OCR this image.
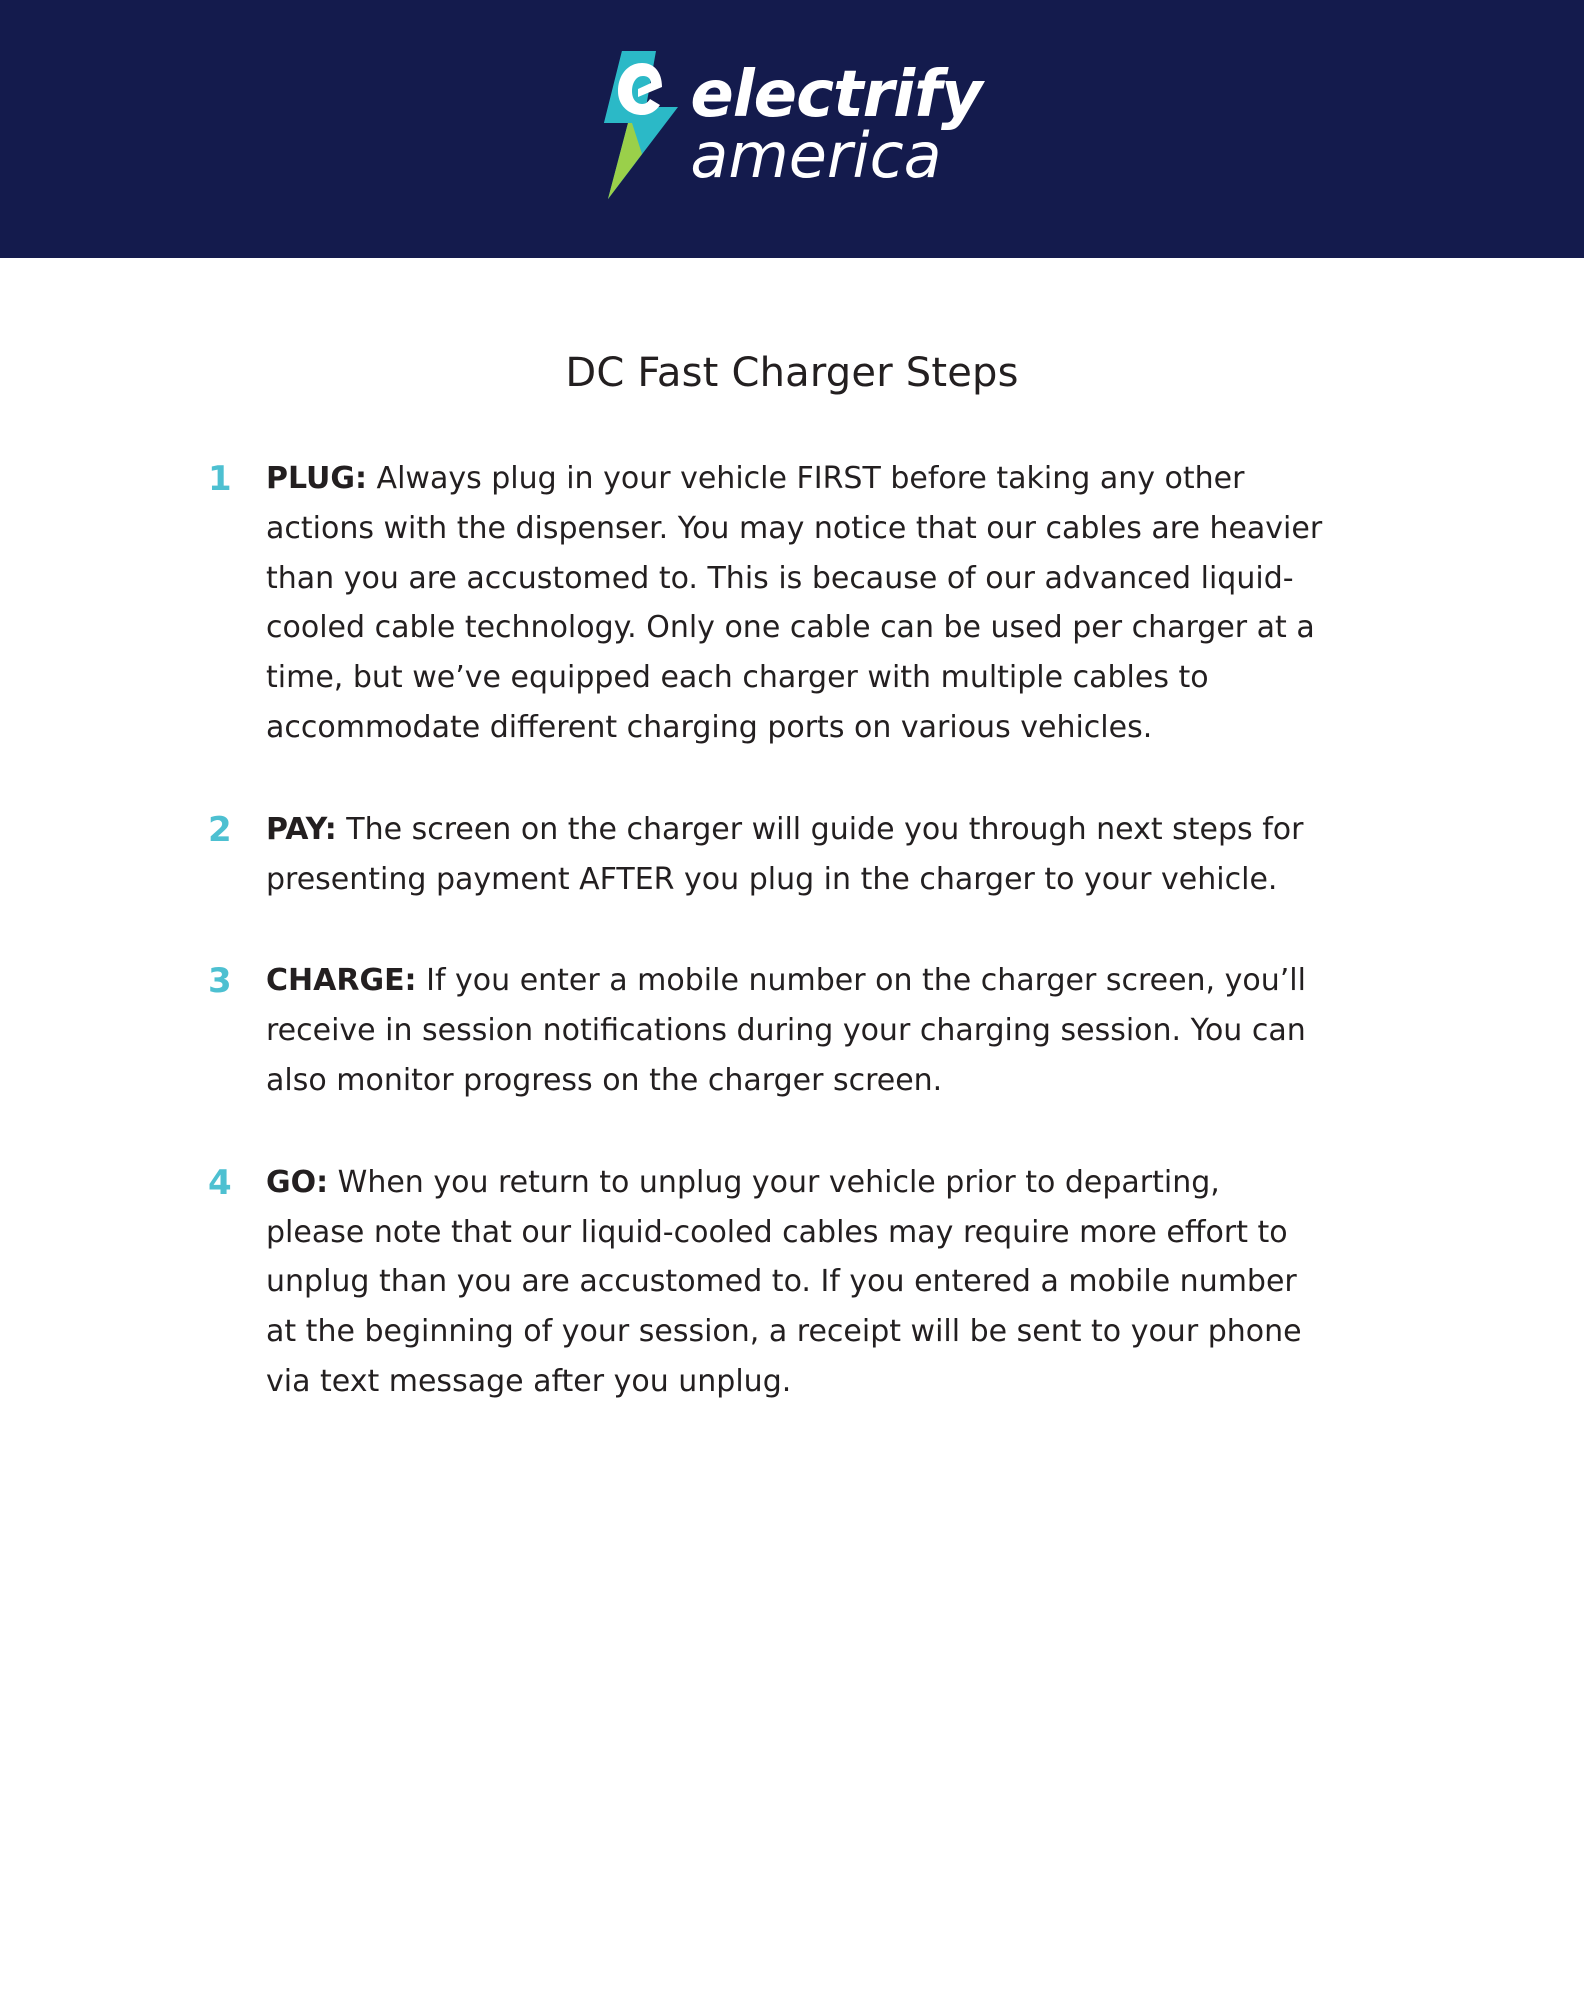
electrify
america
DC Fast Charger Steps
1	PLUG: Always plug in your vehicle FIRST before taking any other actions with the dispenser. You may notice that our cables are heavier than you are accustomed to. This is because of our advanced liquid-cooled cable technology. Only one cable can be used per charger at a time, but we’ve equipped each charger with multiple cables to accommodate different charging ports on various vehicles.
2	PAY: The screen on the charger will guide you through next steps for presenting payment AFTER you plug in the charger to your vehicle.
3	CHARGE: If you enter a mobile number on the charger screen, you’ll receive in session notifications during your charging session. You can also monitor progress on the charger screen.
4	GO: When you return to unplug your vehicle prior to departing, please note that our liquid-cooled cables may require more effort to unplug than you are accustomed to. If you entered a mobile number at the beginning of your session, a receipt will be sent to your phone via text message after you unplug.
